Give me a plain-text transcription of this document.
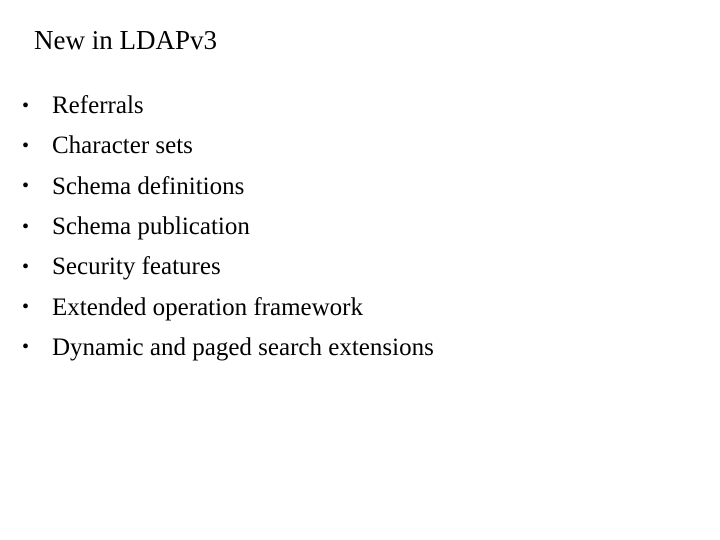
New in LDAPv3
• Referrals
• Character sets
• Schema definitions
• Schema publication
• Security features
• Extended operation framework
• Dynamic and paged search extensions
